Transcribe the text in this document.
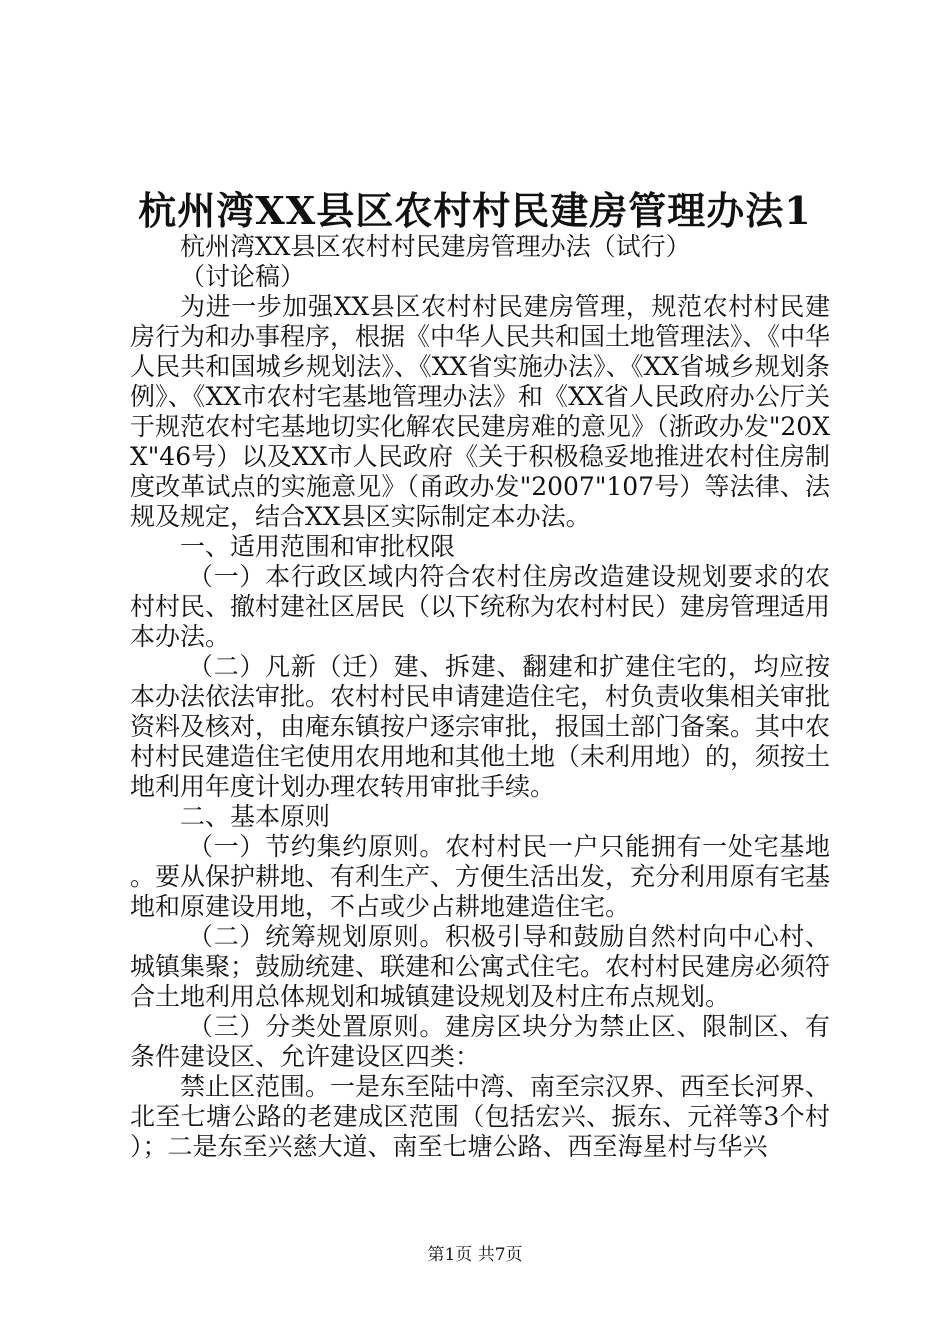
杭州湾XX县区农村村民建房管理办法1

杭州湾XX县区农村村民建房管理办法（试行）

（讨论稿）

为进一步加强XX县区农村村民建房管理，规范农村村民建房行为和办事程序，根据《中华人民共和国土地管理法》、《中华人民共和国城乡规划法》、《XX省实施办法》、《XX省城乡规划条例》、《XX市农村宅基地管理办法》和《XX省人民政府办公厅关于规范农村宅基地切实化解农民建房难的意见》（浙政办发"20XX"46号）以及XX市人民政府《关于积极稳妥地推进农村住房制度改革试点的实施意见》（甬政办发"2007"107号）等法律、法规及规定，结合XX县区实际制定本办法。

一、适用范围和审批权限

（一）本行政区域内符合农村住房改造建设规划要求的农村村民、撤村建社区居民（以下统称为农村村民）建房管理适用本办法。

（二）凡新（迁）建、拆建、翻建和扩建住宅的，均应按本办法依法审批。农村村民申请建造住宅，村负责收集相关审批资料及核对，由庵东镇按户逐宗审批，报国土部门备案。其中农村村民建造住宅使用农用地和其他土地（未利用地）的，须按土地利用年度计划办理农转用审批手续。

二、基本原则

（一）节约集约原则。农村村民一户只能拥有一处宅基地。要从保护耕地、有利生产、方便生活出发，充分利用原有宅基地和原建设用地，不占或少占耕地建造住宅。

（二）统筹规划原则。积极引导和鼓励自然村向中心村、城镇集聚；鼓励统建、联建和公寓式住宅。农村村民建房必须符合土地利用总体规划和城镇建设规划及村庄布点规划。

（三）分类处置原则。建房区块分为禁止区、限制区、有条件建设区、允许建设区四类：

禁止区范围。一是东至陆中湾、南至宗汉界、西至长河界、北至七塘公路的老建成区范围（包括宏兴、振东、元祥等3个村）；二是东至兴慈大道、南至七塘公路、西至海星村与华兴

第1页 共7页
